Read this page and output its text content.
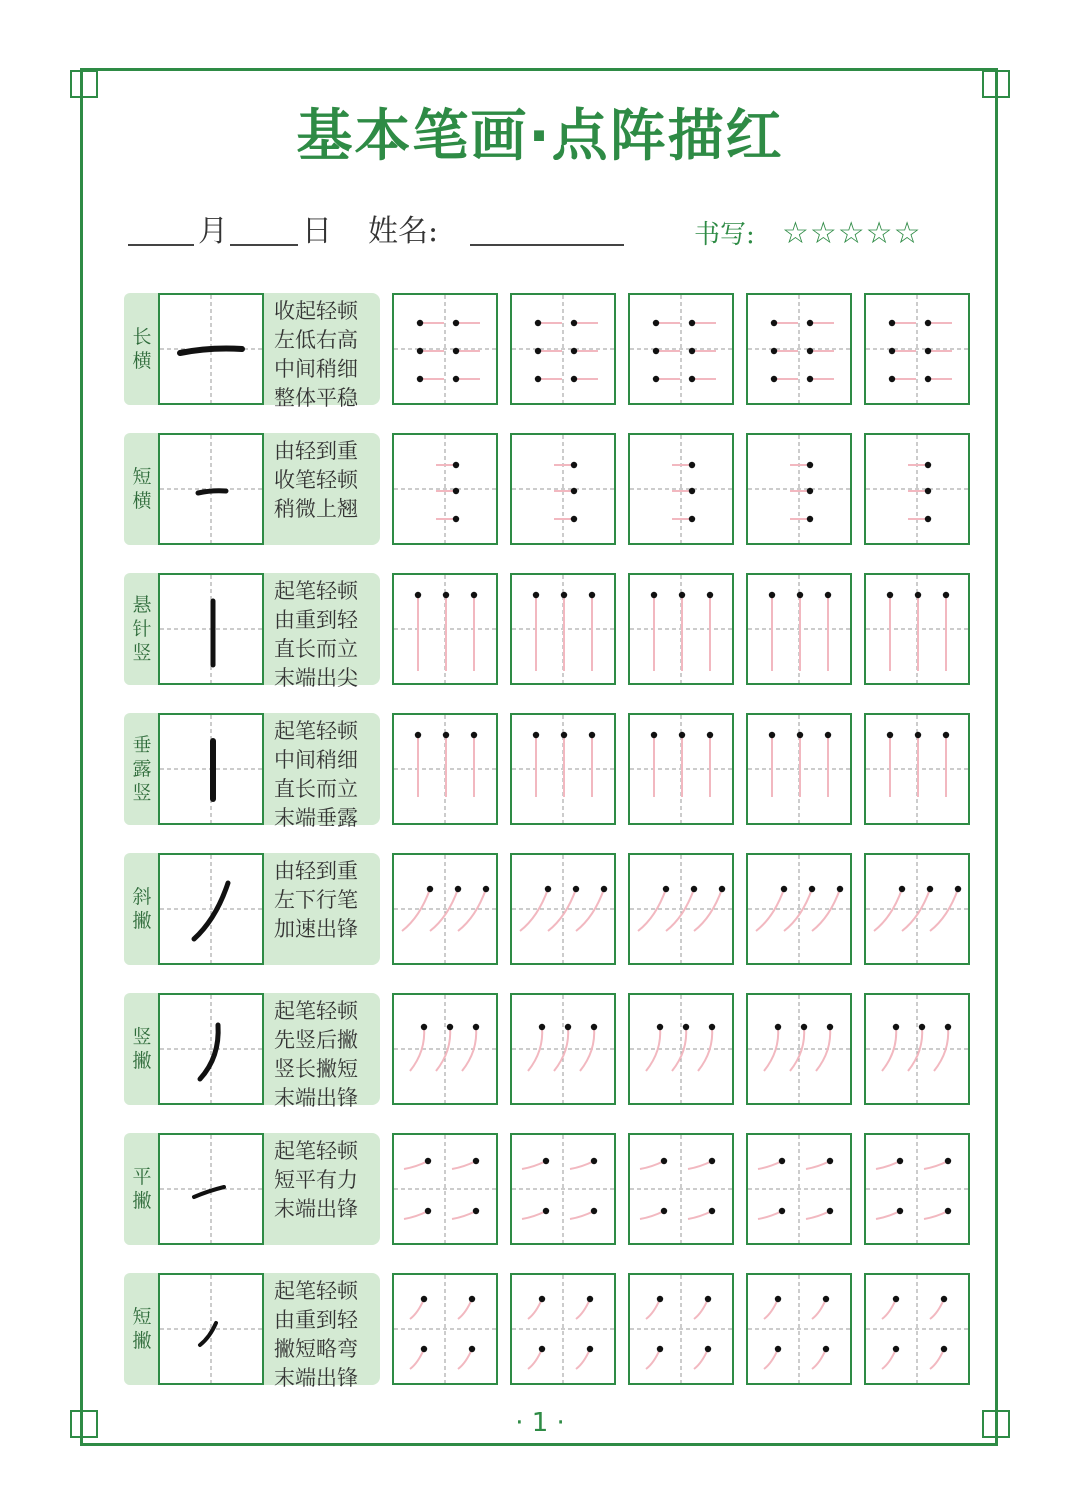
基本笔画·点阵描红
月 日 姓名:	书写: ☆☆☆☆☆
长
横
收起轻顿
左低右高
中间稍细
整体平稳
短
横
由轻到重
收笔轻顿
稍微上翘
悬
针
竖
起笔轻顿
由重到轻
直长而立
末端出尖
垂
露
竖
起笔轻顿
中间稍细
直长而立
末端垂露
斜
撇
由轻到重
左下行笔
加速出锋
竖
撇
起笔轻顿
先竖后撇
竖长撇短
末端出锋
平
撇
起笔轻顿
短平有力
末端出锋
短
撇
起笔轻顿
由重到轻
撇短略弯
末端出锋
· 1 ·
